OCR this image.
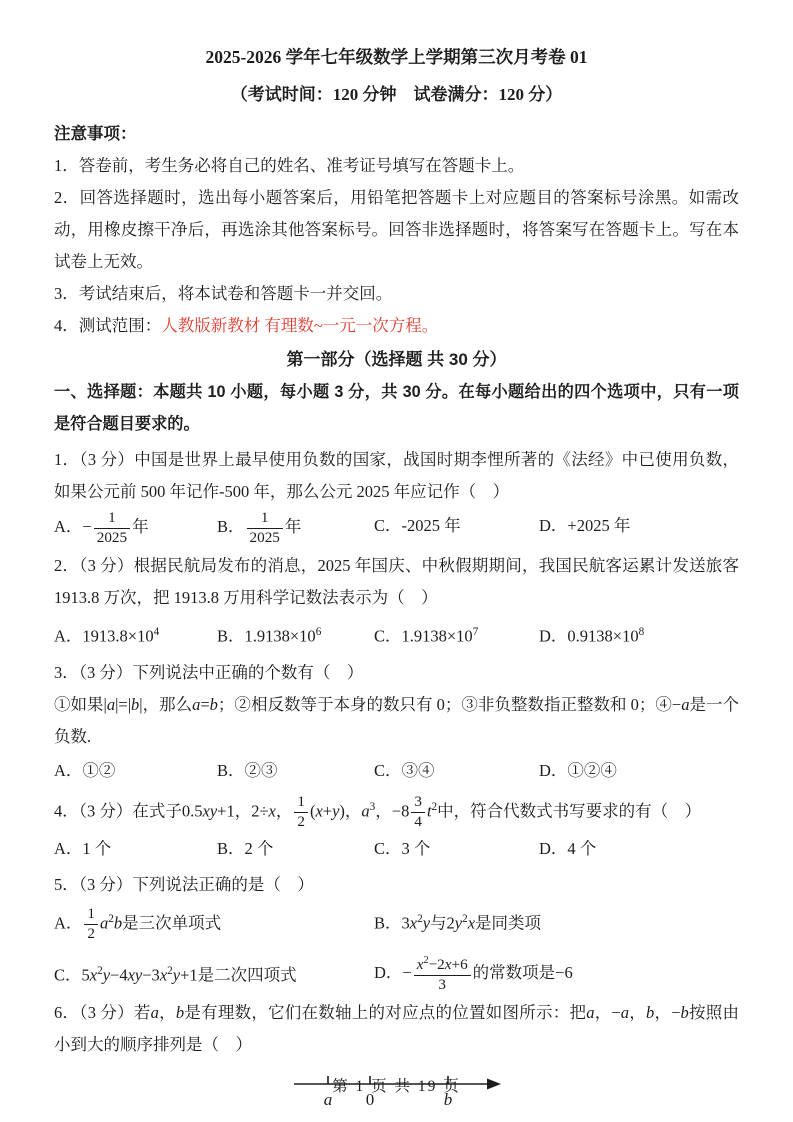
2025-2026 学年七年级数学上学期第三次月考卷 01
（考试时间：120 分钟　试卷满分：120 分）
注意事项：

1．答卷前，考生务必将自己的姓名、准考证号填写在答题卡上。

2．回答选择题时，选出每小题答案后，用铅笔把答题卡上对应题目的答案标号涂黑。如需改动，用橡皮擦干净后，再选涂其他答案标号。回答非选择题时，将答案写在答题卡上。写在本试卷上无效。

3．考试结束后，将本试卷和答题卡一并交回。

4．测试范围：人教版新教材 有理数~一元一次方程。

第一部分（选择题 共 30 分）

一、选择题：本题共 10 小题，每小题 3 分，共 30 分。在每小题给出的四个选项中，只有一项是符合题目要求的。

1．（3 分）中国是世界上最早使用负数的国家，战国时期李悝所著的《法经》中已使用负数，如果公元前 500 年记作-500 年，那么公元 2025 年应记作（　）

A．− $\frac{1}{2025}$ 年	B． $\frac{1}{2025}$ 年	C．-2025 年	D．+2025 年

2．（3 分）根据民航局发布的消息，2025 年国庆、中秋假期期间，我国民航客运累计发送旅客 1913.8 万次，把 1913.8 万用科学记数法表示为（　）

A．$1913.8\times 10^4$	B．$1.9138\times 10^6$	C．$1.9138\times 10^7$	D．$0.9138\times 10^8$

3．（3 分）下列说法中正确的个数有（　）

①如果|a|=|b|，那么a=b；②相反数等于本身的数只有 0；③非负整数指正整数和 0；④−a是一个负数.

A．①②	B．②③	C．③④	D．①②④

4．（3 分）在式子0.5xy+1，2÷x， $\frac{1}{2} (x+y)$，$a^3$，$-8 \frac{3}{4} t^2$中，符合代数式书写要求的有（　）

A．1 个	B．2 个	C．3 个	D．4 个

5．（3 分）下列说法正确的是（　）

A． $\frac{1}{2} a^2b$是三次单项式	B．$3x^2y$与$2y^2x$是同类项
C．$5x^2y-4xy-3x^2y+1$是二次四项式	D．− $\frac{x^2-2x+6}{3}$ 的常数项是−6

6．（3 分）若a，b是有理数，它们在数轴上的对应点的位置如图所示：把a，−a，b，−b按照由小到大的顺序排列是（　）

a 0	b
第 1 页 共 19 页
